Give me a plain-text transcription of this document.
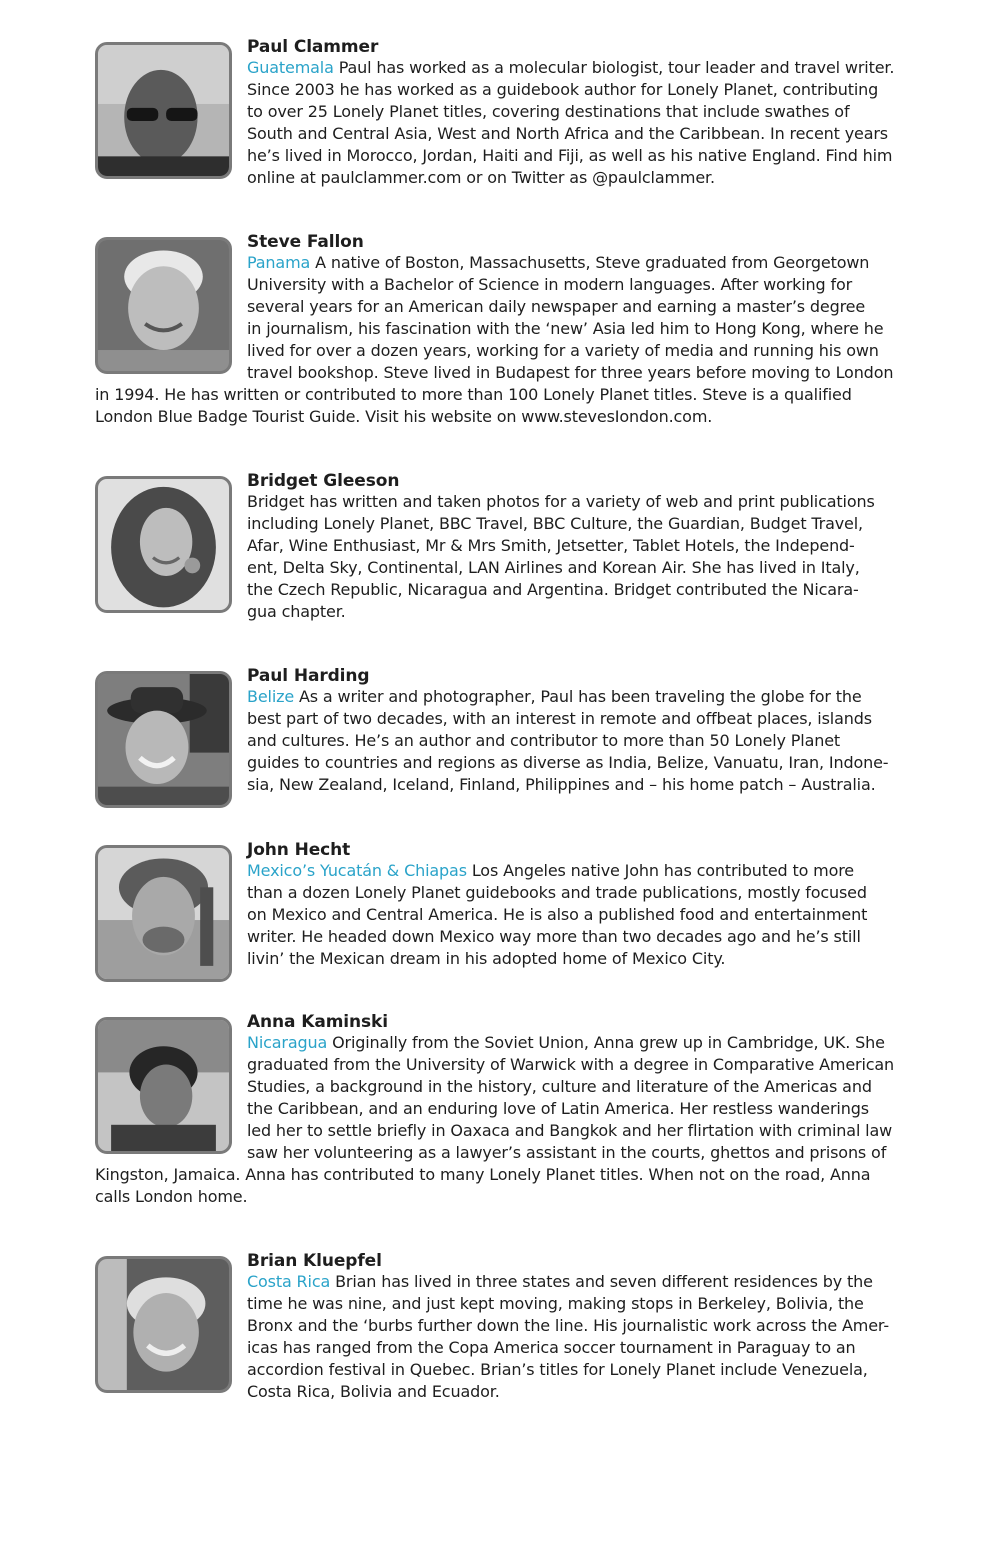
Paul Clammer
Guatemala Paul has worked as a molecular biologist, tour leader and travel writer.
Since 2003 he has worked as a guidebook author for Lonely Planet, contributing
to over 25 Lonely Planet titles, covering destinations that include swathes of
South and Central Asia, West and North Africa and the Caribbean. In recent years
he’s lived in Morocco, Jordan, Haiti and Fiji, as well as his native England. Find him
online at paulclammer.com or on Twitter as @paulclammer.
Steve Fallon
Panama A native of Boston, Massachusetts, Steve graduated from Georgetown
University with a Bachelor of Science in modern languages. After working for
several years for an American daily newspaper and earning a master’s degree
in journalism, his fascination with the ‘new’ Asia led him to Hong Kong, where he
lived for over a dozen years, working for a variety of media and running his own
travel bookshop. Steve lived in Budapest for three years before moving to London
in 1994. He has written or contributed to more than 100 Lonely Planet titles. Steve is a qualified
London Blue Badge Tourist Guide. Visit his website on www.stevesIondon.com.
Bridget Gleeson
Bridget has written and taken photos for a variety of web and print publications
including Lonely Planet, BBC Travel, BBC Culture, the Guardian, Budget Travel,
Afar, Wine Enthusiast, Mr & Mrs Smith, Jetsetter, Tablet Hotels, the Independ-
ent, Delta Sky, Continental, LAN Airlines and Korean Air. She has lived in Italy,
the Czech Republic, Nicaragua and Argentina. Bridget contributed the Nicara-
gua chapter.
Paul Harding
Belize As a writer and photographer, Paul has been traveling the globe for the
best part of two decades, with an interest in remote and offbeat places, islands
and cultures. He’s an author and contributor to more than 50 Lonely Planet
guides to countries and regions as diverse as India, Belize, Vanuatu, Iran, Indone-
sia, New Zealand, Iceland, Finland, Philippines and – his home patch – Australia.
John Hecht
Mexico’s Yucatán & Chiapas Los Angeles native John has contributed to more
than a dozen Lonely Planet guidebooks and trade publications, mostly focused
on Mexico and Central America. He is also a published food and entertainment
writer. He headed down Mexico way more than two decades ago and he’s still
livin’ the Mexican dream in his adopted home of Mexico City.
Anna Kaminski
Nicaragua Originally from the Soviet Union, Anna grew up in Cambridge, UK. She
graduated from the University of Warwick with a degree in Comparative American
Studies, a background in the history, culture and literature of the Americas and
the Caribbean, and an enduring love of Latin America. Her restless wanderings
led her to settle briefly in Oaxaca and Bangkok and her flirtation with criminal law
saw her volunteering as a lawyer’s assistant in the courts, ghettos and prisons of
Kingston, Jamaica. Anna has contributed to many Lonely Planet titles. When not on the road, Anna
calls London home.
Brian Kluepfel
Costa Rica Brian has lived in three states and seven different residences by the
time he was nine, and just kept moving, making stops in Berkeley, Bolivia, the
Bronx and the ‘burbs further down the line. His journalistic work across the Amer-
icas has ranged from the Copa America soccer tournament in Paraguay to an
accordion festival in Quebec. Brian’s titles for Lonely Planet include Venezuela,
Costa Rica, Bolivia and Ecuador.
